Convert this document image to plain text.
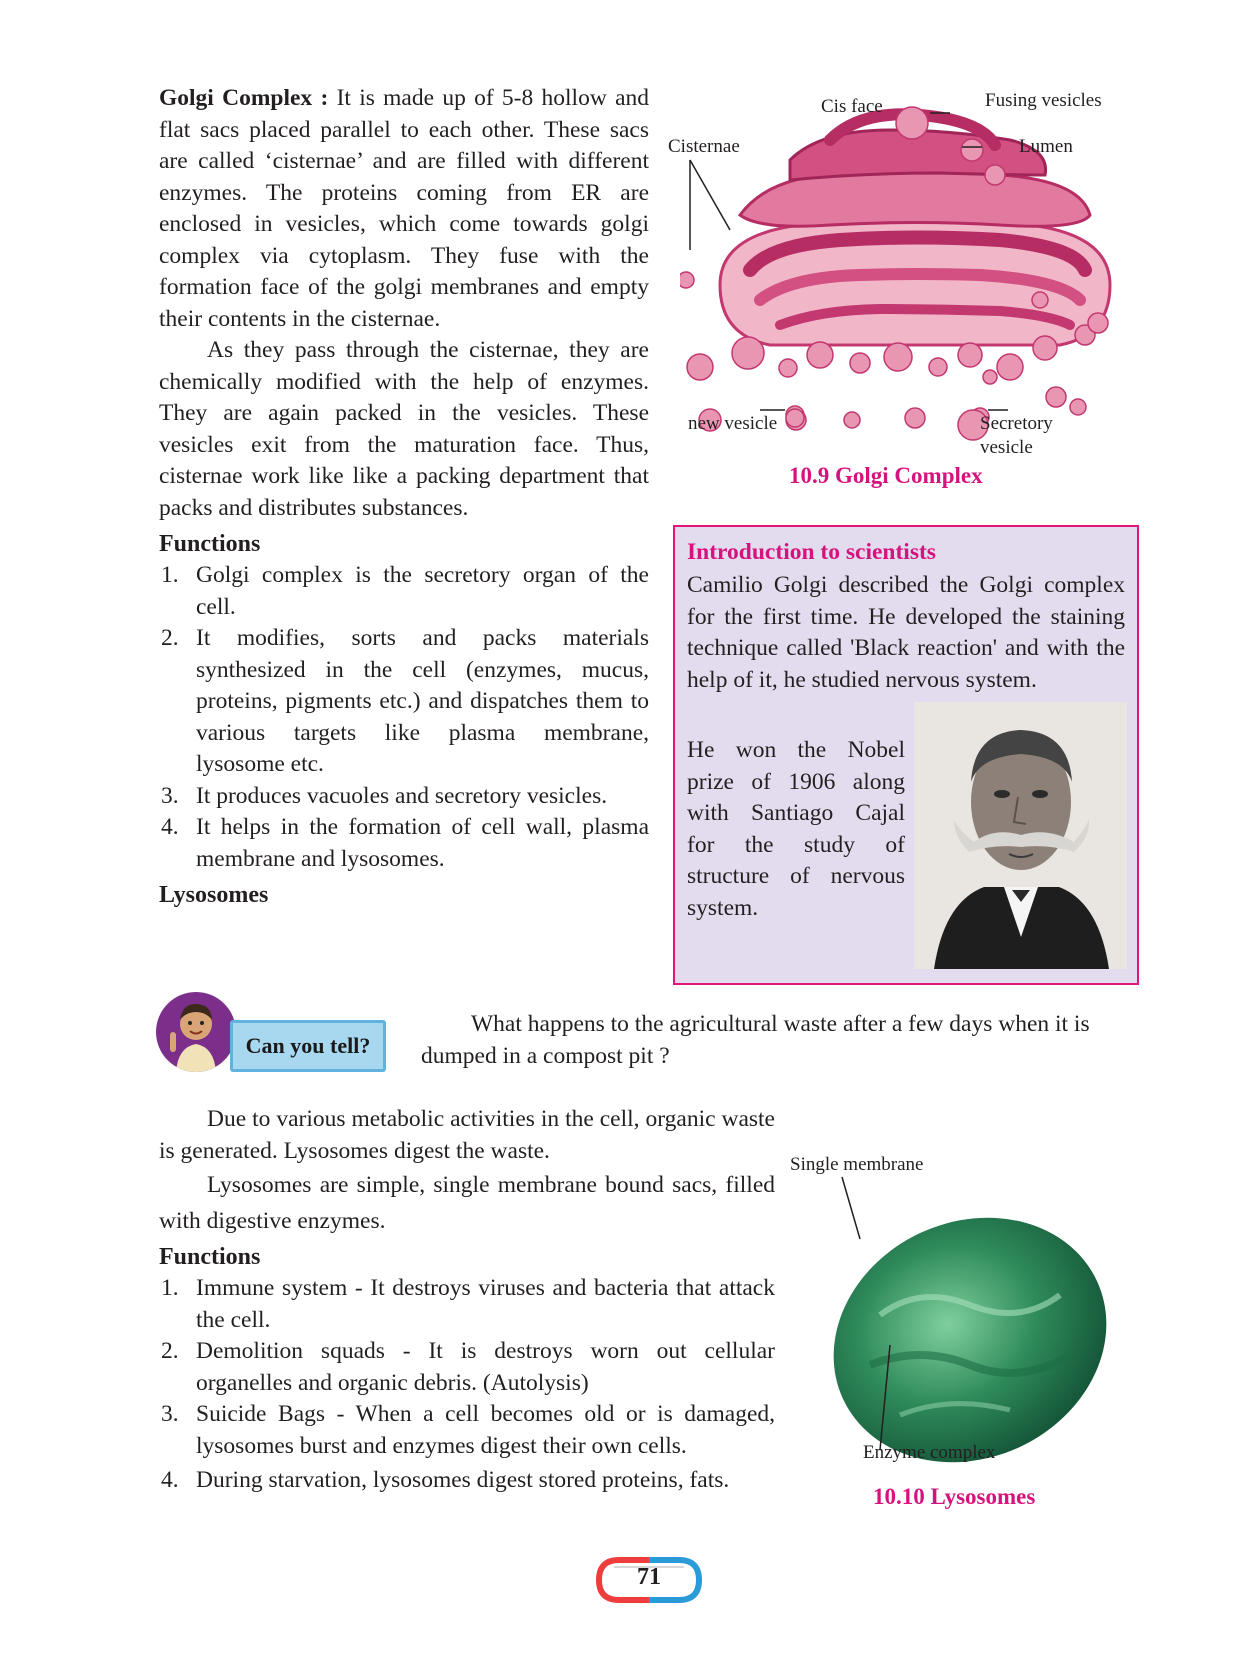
Golgi Complex : It is made up of 5-8 hollow and flat sacs placed parallel to each other. These sacs are called ‘cisternae’ and are filled with different enzymes. The proteins coming from ER are enclosed in vesicles, which come towards golgi complex via cytoplasm. They fuse with the formation face of the golgi membranes and empty their contents in the cisternae.

As they pass through the cisternae, they are chemically modified with the help of enzymes. They are again packed in the vesicles. These vesicles exit from the maturation face. Thus, cisternae work like like a packing department that packs and distributes substances.

Functions
1. Golgi complex is the secretory organ of the cell.
2. It modifies, sorts and packs materials synthesized in the cell (enzymes, mucus, proteins, pigments etc.) and dispatches them to various targets like plasma membrane, lysosome etc.
3. It produces vacuoles and secretory vesicles.
4. It helps in the formation of cell wall, plasma membrane and lysosomes.
Lysosomes
Cis face	Fusing vesicles
Cisternae	Lumen
new vesicle	Secretory
vesicle
10.9 Golgi Complex
Introduction to scientists

Camilio Golgi described the Golgi complex for the first time. He developed the staining technique called 'Black reaction' and with the help of it, he studied nervous system.

He won the Nobel prize of 1906 along with Santiago Cajal for the study of structure of nervous system.

Can you tell?

What happens to the agricultural waste after a few days when it is dumped in a compost pit ?

Due to various metabolic activities in the cell, organic waste is generated. Lysosomes digest the waste.

Lysosomes are simple, single membrane bound sacs, filled with digestive enzymes.

Functions
1. Immune system - It destroys viruses and bacteria that attack the cell.
2. Demolition squads - It is destroys worn out cellular organelles and organic debris. (Autolysis)
3. Suicide Bags - When a cell becomes old or is damaged, lysosomes burst and enzymes digest their own cells.
4. During starvation, lysosomes digest stored proteins, fats.
Single membrane
Enzyme complex
10.10 Lysosomes
71
